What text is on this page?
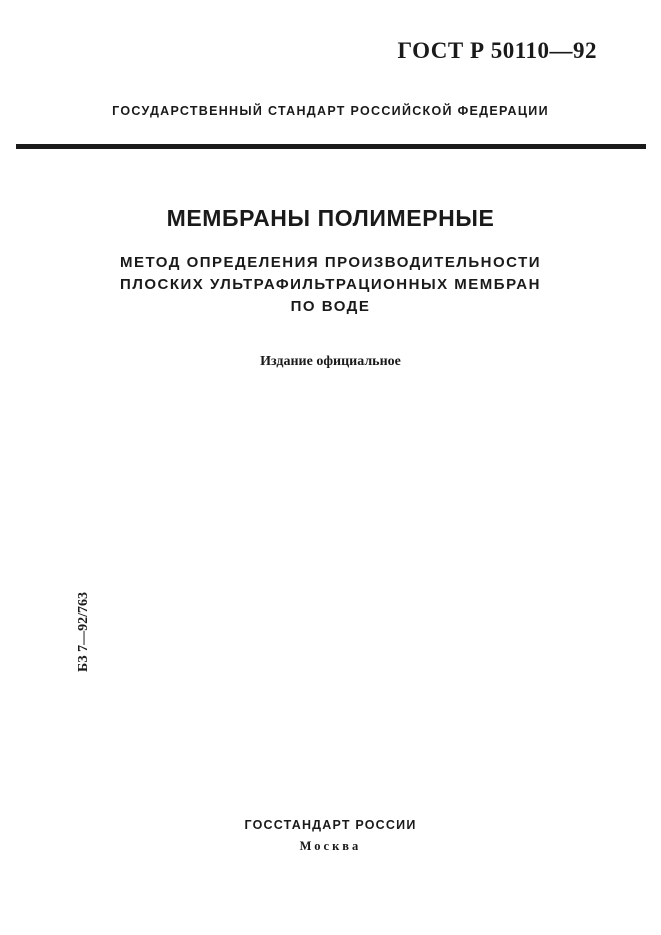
ГОСТ Р 50110—92
ГОСУДАРСТВЕННЫЙ СТАНДАРТ РОССИЙСКОЙ ФЕДЕРАЦИИ
МЕМБРАНЫ ПОЛИМЕРНЫЕ
МЕТОД ОПРЕДЕЛЕНИЯ ПРОИЗВОДИТЕЛЬНОСТИ
ПЛОСКИХ УЛЬТРАФИЛЬТРАЦИОННЫХ МЕМБРАН
ПО ВОДЕ
Издание официальное
БЗ 7—92/763
ГОССТАНДАРТ РОССИИ
Москва
